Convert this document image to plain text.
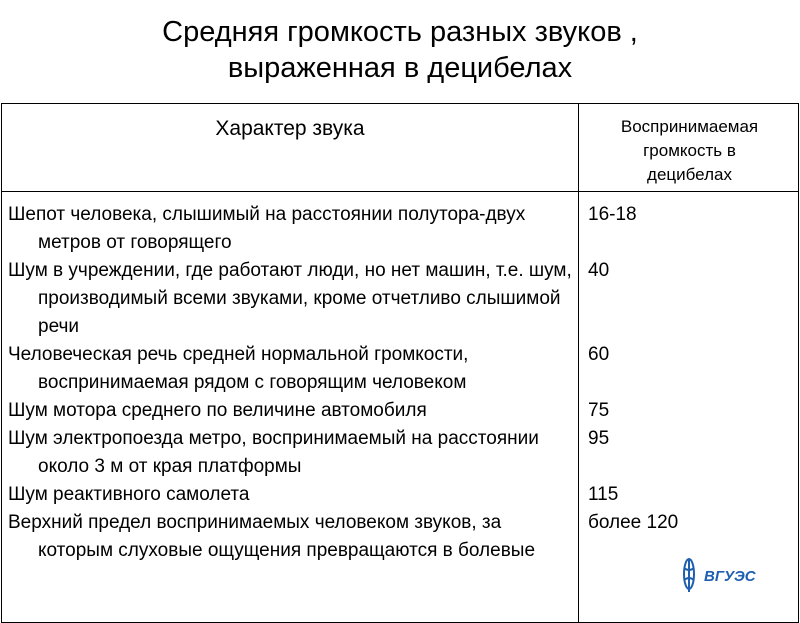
Средняя громкость разных звуков ,
выраженная в децибелах
Характер звука	Воспринимаемая
громкость в
децибелах

Шепот человека, слышимый на расстоянии полутора-двух метров от говорящего

Шум в учреждении, где работают люди, но нет машин, т.е. шум, производимый всеми звуками, кроме отчетливо слышимой речи

Человеческая речь средней нормальной громкости, воспринимаемая рядом с говорящим человеком

Шум мотора среднего по величине автомобиля

Шум электропоезда метро, воспринимаемый на расстоянии около 3 м от края платформы

Шум реактивного самолета

Верхний предел воспринимаемых человеком звуков, за которым слуховые ощущения превращаются в болевые

16-18

40

60

75

95

115

более 120

ВГУЭС
